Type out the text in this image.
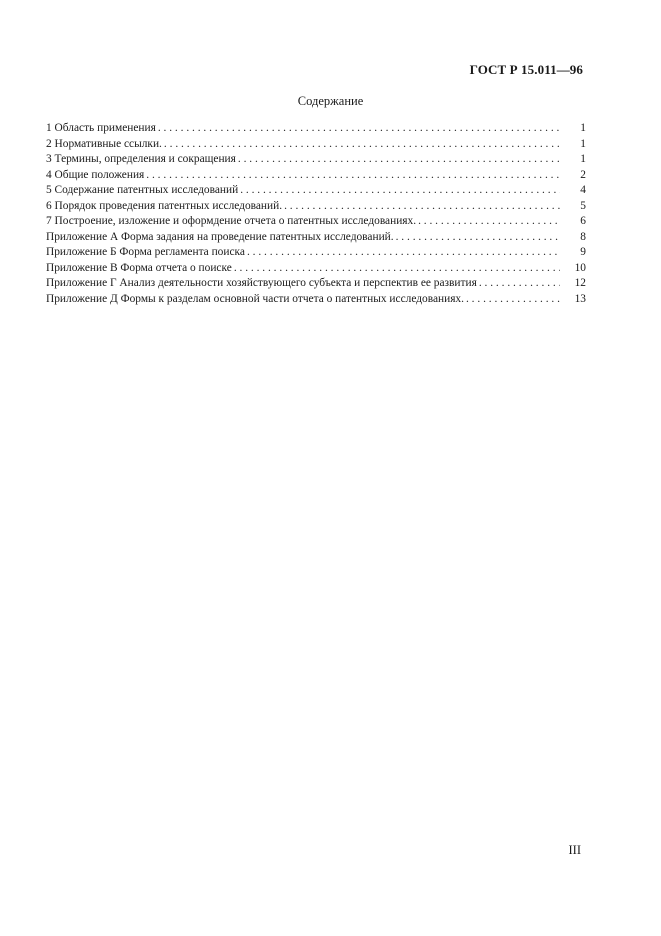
ГОСТ Р 15.011—96
Содержание
1 Область применения . . .	1
2 Нормативные ссылки. . . .	1
3 Термины, определения и сокращения . . .	1
4 Общие положения . . .	2
5 Содержание патентных исследований . . .	4
6 Порядок проведения патентных исследований. . . .	5
7 Построение, изложение и оформдение отчета о патентных исследованиях. . . .	6
Приложение А Форма задания на проведение патентных исследований. . . .	8
Приложение Б Форма регламента поиска . . .	9
Приложение В Форма отчета о поиске . . .	10
Приложение Г Анализ деятельности хозяйствующего субъекта и перспектив ее развития . . .	12
Приложение Д Формы к разделам основной части отчета о патентных исследованиях. . . .	13
III
